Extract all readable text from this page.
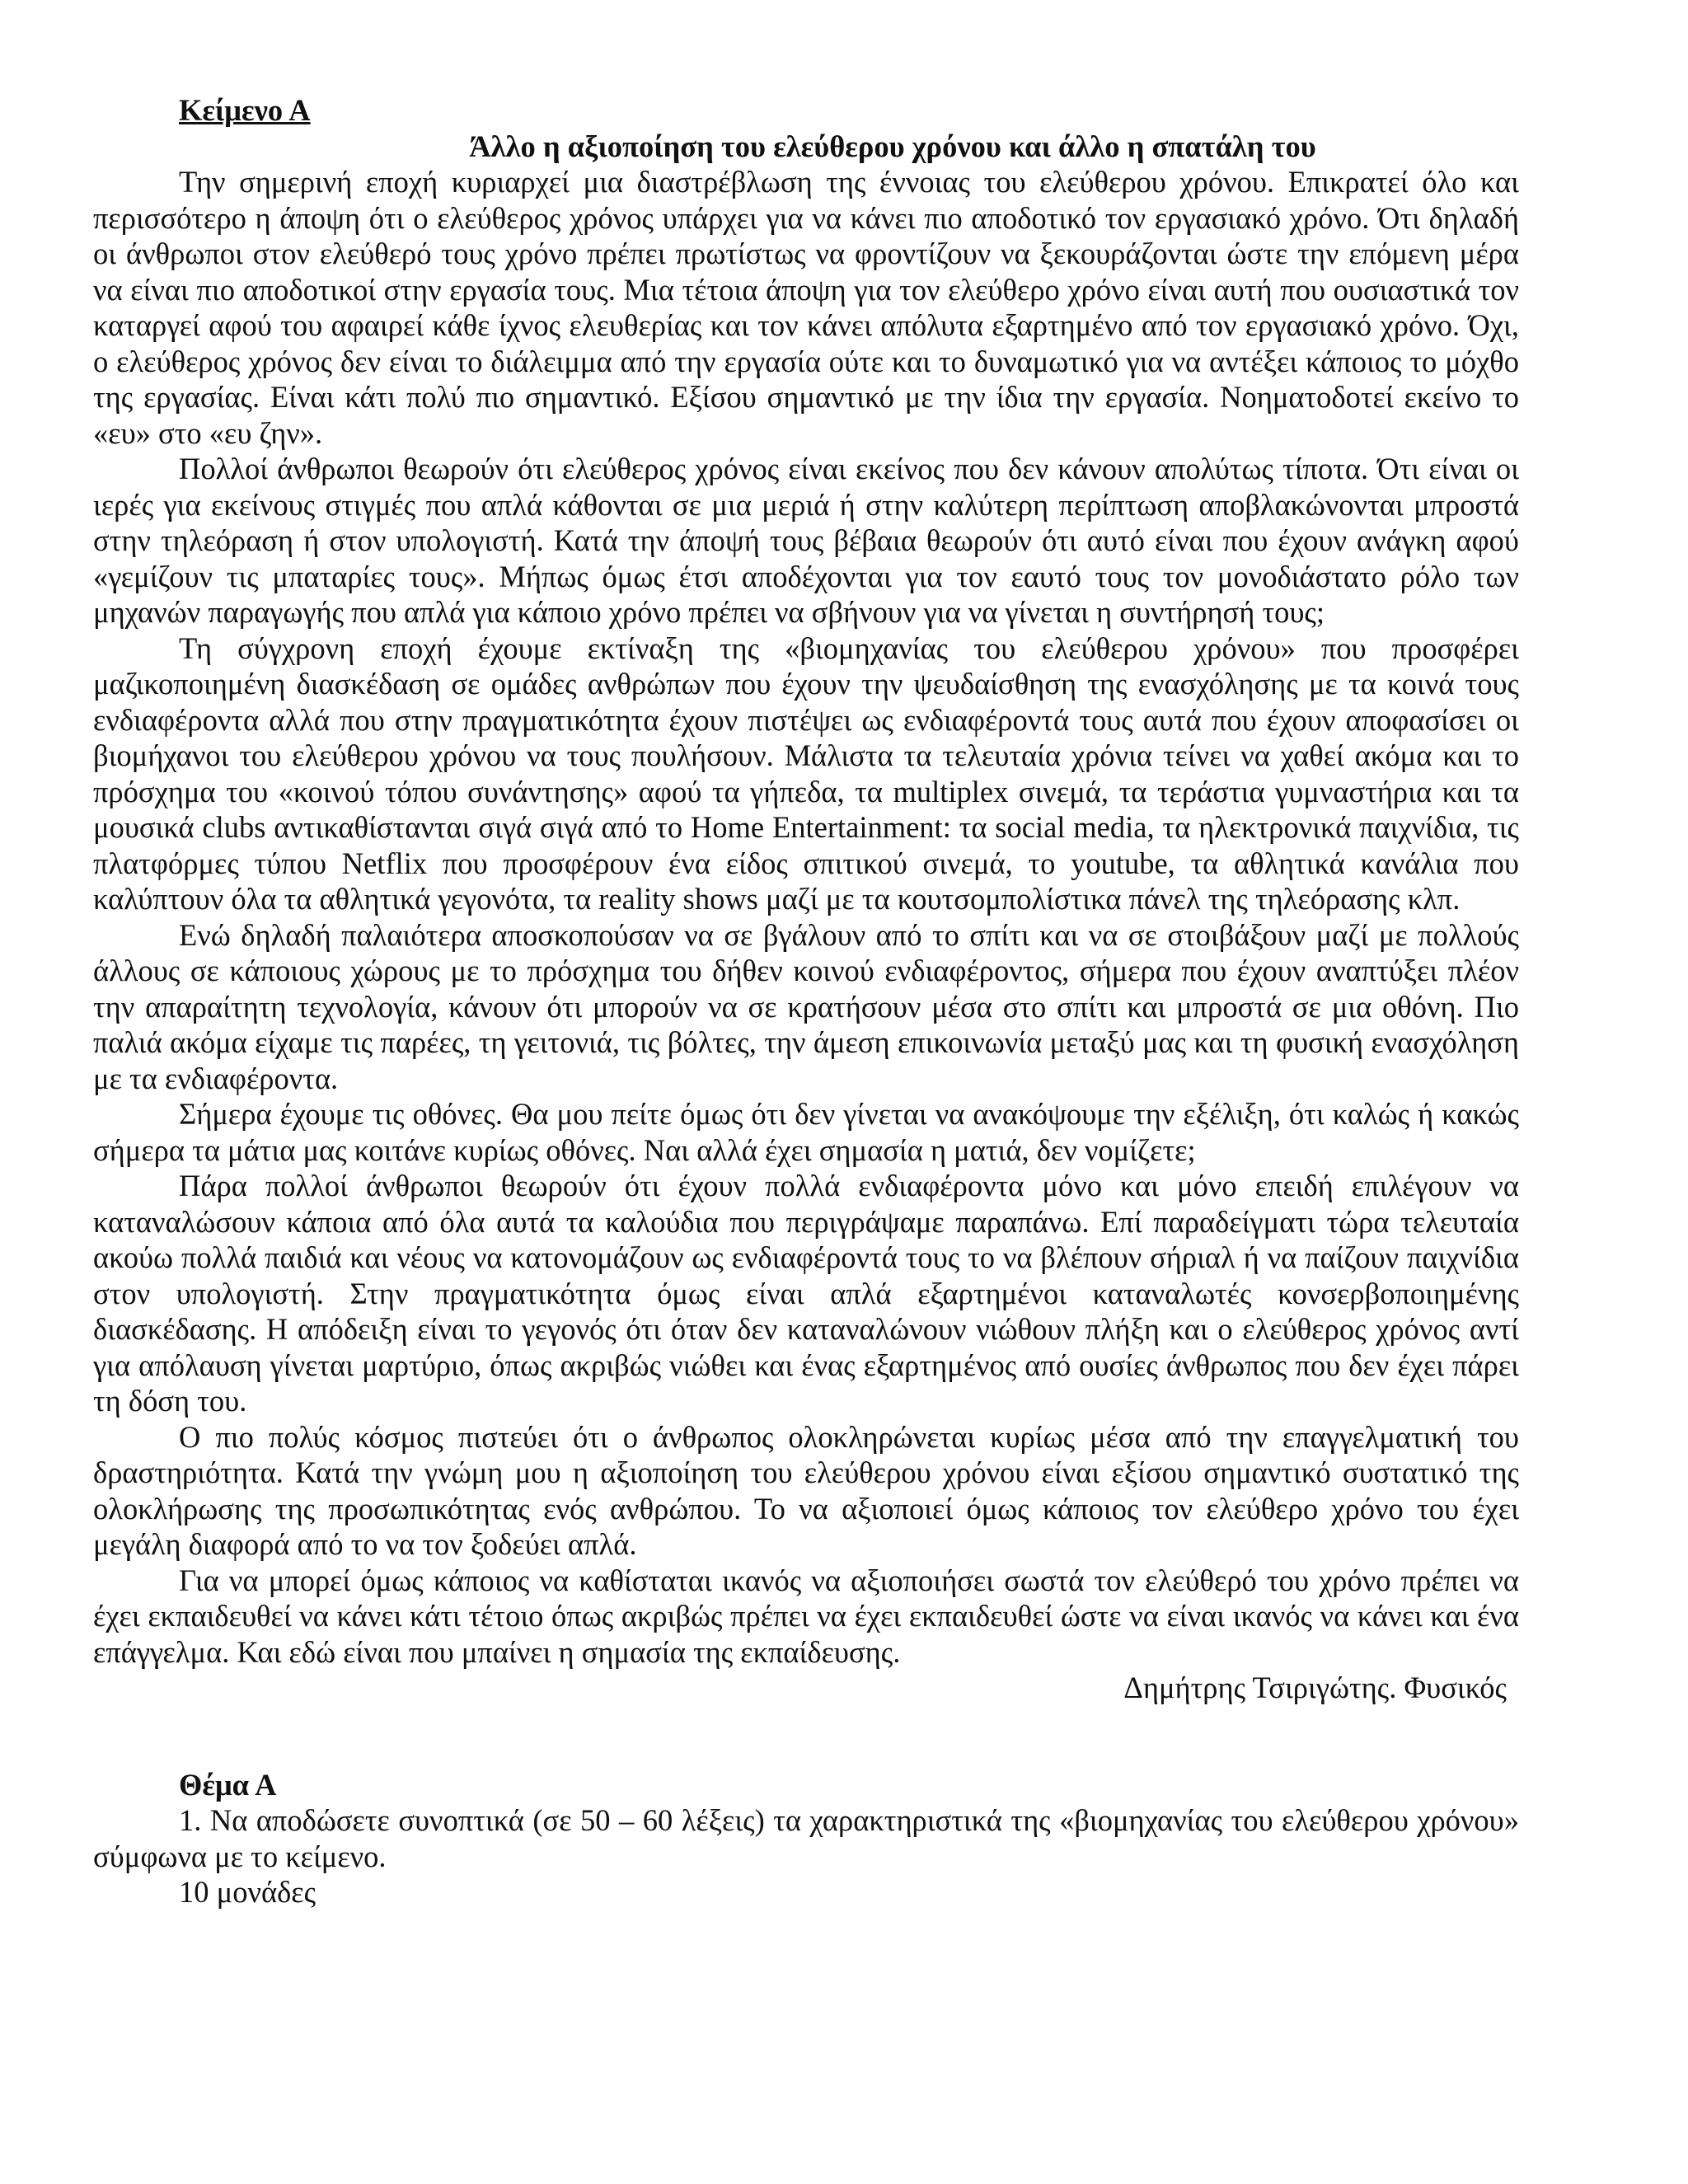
Κείμενο Α
Άλλο η αξιοποίηση του ελεύθερου χρόνου και άλλο η σπατάλη του

Την σημερινή εποχή κυριαρχεί μια διαστρέβλωση της έννοιας του ελεύθερου χρόνου. Επικρατεί όλο και περισσότερο η άποψη ότι ο ελεύθερος χρόνος υπάρχει για να κάνει πιο αποδοτικό τον εργασιακό χρόνο. Ότι δηλαδή οι άνθρωποι στον ελεύθερό τους χρόνο πρέπει πρωτίστως να φροντίζουν να ξεκουράζονται ώστε την επόμενη μέρα να είναι πιο αποδοτικοί στην εργασία τους. Μια τέτοια άποψη για τον ελεύθερο χρόνο είναι αυτή που ουσιαστικά τον καταργεί αφού του αφαιρεί κάθε ίχνος ελευθερίας και τον κάνει απόλυτα εξαρτημένο από τον εργασιακό χρόνο. Όχι, ο ελεύθερος χρόνος δεν είναι το διάλειμμα από την εργασία ούτε και το δυναμωτικό για να αντέξει κάποιος το μόχθο της εργασίας. Είναι κάτι πολύ πιο σημαντικό. Εξίσου σημαντικό με την ίδια την εργασία. Νοηματοδοτεί εκείνο το «ευ» στο «ευ ζην».

Πολλοί άνθρωποι θεωρούν ότι ελεύθερος χρόνος είναι εκείνος που δεν κάνουν απολύτως τίποτα. Ότι είναι οι ιερές για εκείνους στιγμές που απλά κάθονται σε μια μεριά ή στην καλύτερη περίπτωση αποβλακώνονται μπροστά στην τηλεόραση ή στον υπολογιστή. Κατά την άποψή τους βέβαια θεωρούν ότι αυτό είναι που έχουν ανάγκη αφού «γεμίζουν τις μπαταρίες τους». Μήπως όμως έτσι αποδέχονται για τον εαυτό τους τον μονοδιάστατο ρόλο των μηχανών παραγωγής που απλά για κάποιο χρόνο πρέπει να σβήνουν για να γίνεται η συντήρησή τους;

Τη σύγχρονη εποχή έχουμε εκτίναξη της «βιομηχανίας του ελεύθερου χρόνου» που προσφέρει μαζικοποιημένη διασκέδαση σε ομάδες ανθρώπων που έχουν την ψευδαίσθηση της ενασχόλησης με τα κοινά τους ενδιαφέροντα αλλά που στην πραγματικότητα έχουν πιστέψει ως ενδιαφέροντά τους αυτά που έχουν αποφασίσει οι βιομήχανοι του ελεύθερου χρόνου να τους πουλήσουν. Μάλιστα τα τελευταία χρόνια τείνει να χαθεί ακόμα και το πρόσχημα του «κοινού τόπου συνάντησης» αφού τα γήπεδα, τα multiplex σινεμά, τα τεράστια γυμναστήρια και τα μουσικά clubs αντικαθίστανται σιγά σιγά από το Home Entertainment: τα social media, τα ηλεκτρονικά παιχνίδια, τις πλατφόρμες τύπου Netflix που προσφέρουν ένα είδος σπιτικού σινεμά, το youtube, τα αθλητικά κανάλια που καλύπτουν όλα τα αθλητικά γεγονότα, τα reality shows μαζί με τα κουτσομπολίστικα πάνελ της τηλεόρασης κλπ.

Ενώ δηλαδή παλαιότερα αποσκοπούσαν να σε βγάλουν από το σπίτι και να σε στοιβάξουν μαζί με πολλούς άλλους σε κάποιους χώρους με το πρόσχημα του δήθεν κοινού ενδιαφέροντος, σήμερα που έχουν αναπτύξει πλέον την απαραίτητη τεχνολογία, κάνουν ότι μπορούν να σε κρατήσουν μέσα στο σπίτι και μπροστά σε μια οθόνη. Πιο παλιά ακόμα είχαμε τις παρέες, τη γειτονιά, τις βόλτες, την άμεση επικοινωνία μεταξύ μας και τη φυσική ενασχόληση με τα ενδιαφέροντα.

Σήμερα έχουμε τις οθόνες. Θα μου πείτε όμως ότι δεν γίνεται να ανακόψουμε την εξέλιξη, ότι καλώς ή κακώς σήμερα τα μάτια μας κοιτάνε κυρίως οθόνες. Ναι αλλά έχει σημασία η ματιά, δεν νομίζετε;

Πάρα πολλοί άνθρωποι θεωρούν ότι έχουν πολλά ενδιαφέροντα μόνο και μόνο επειδή επιλέγουν να καταναλώσουν κάποια από όλα αυτά τα καλούδια που περιγράψαμε παραπάνω. Επί παραδείγματι τώρα τελευταία ακούω πολλά παιδιά και νέους να κατονομάζουν ως ενδιαφέροντά τους το να βλέπουν σήριαλ ή να παίζουν παιχνίδια στον υπολογιστή. Στην πραγματικότητα όμως είναι απλά εξαρτημένοι καταναλωτές κονσερβοποιημένης διασκέδασης. Η απόδειξη είναι το γεγονός ότι όταν δεν καταναλώνουν νιώθουν πλήξη και ο ελεύθερος χρόνος αντί για απόλαυση γίνεται μαρτύριο, όπως ακριβώς νιώθει και ένας εξαρτημένος από ουσίες άνθρωπος που δεν έχει πάρει τη δόση του.

Ο πιο πολύς κόσμος πιστεύει ότι ο άνθρωπος ολοκληρώνεται κυρίως μέσα από την επαγγελματική του δραστηριότητα. Κατά την γνώμη μου η αξιοποίηση του ελεύθερου χρόνου είναι εξίσου σημαντικό συστατικό της ολοκλήρωσης της προσωπικότητας ενός ανθρώπου. Το να αξιοποιεί όμως κάποιος τον ελεύθερο χρόνο του έχει μεγάλη διαφορά από το να τον ξοδεύει απλά.

Για να μπορεί όμως κάποιος να καθίσταται ικανός να αξιοποιήσει σωστά τον ελεύθερό του χρόνο πρέπει να έχει εκπαιδευθεί να κάνει κάτι τέτοιο όπως ακριβώς πρέπει να έχει εκπαιδευθεί ώστε να είναι ικανός να κάνει και ένα επάγγελμα. Και εδώ είναι που μπαίνει η σημασία της εκπαίδευσης.

Δημήτρης Τσιριγώτης. Φυσικός
Θέμα Α

1. Να αποδώσετε συνοπτικά (σε 50 – 60 λέξεις) τα χαρακτηριστικά της «βιομηχανίας του ελεύθερου χρόνου» σύμφωνα με το κείμενο.

10 μονάδες
